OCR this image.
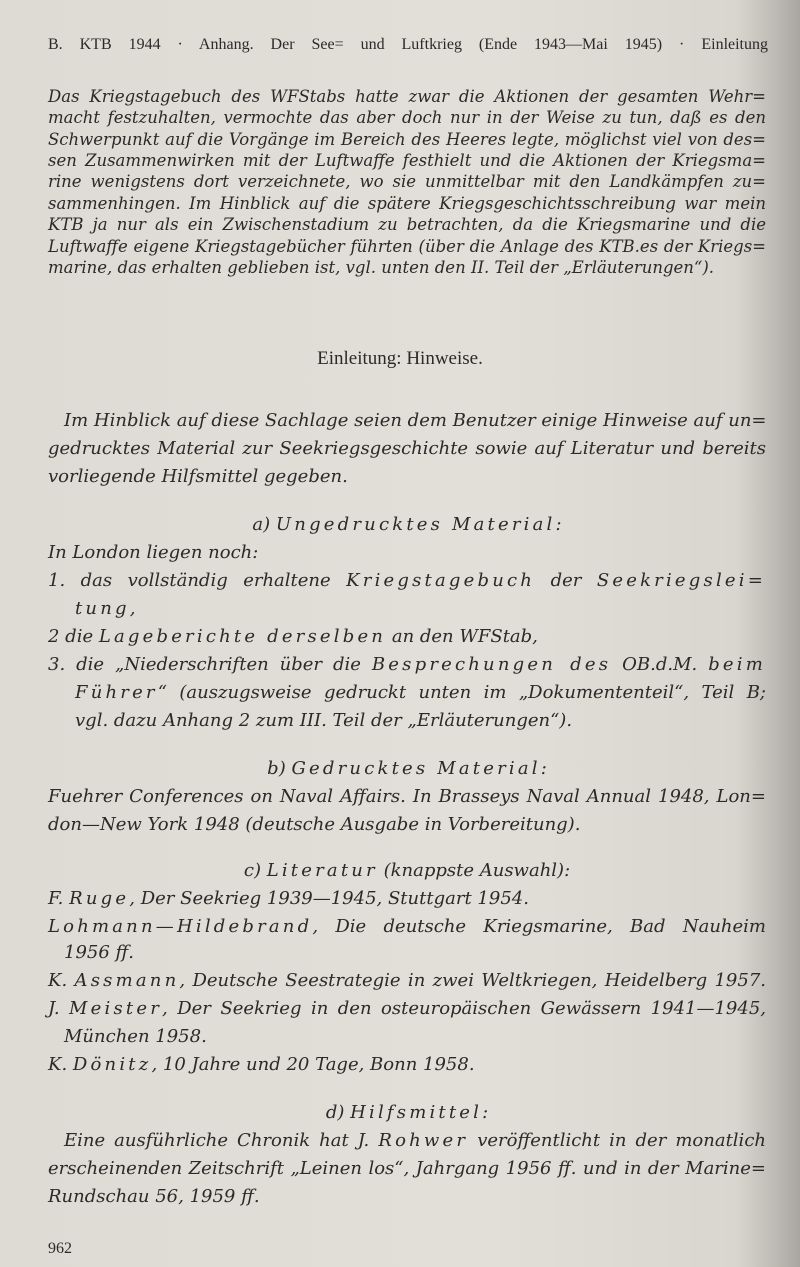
B. KTB 1944 · Anhang. Der See= und Luftkrieg (Ende 1943—Mai 1945) · Einleitung
Einleitung: Hinweise.
Das Kriegstagebuch des WFStabs hatte zwar die Aktionen der gesamten Wehr=
macht festzuhalten, vermochte das aber doch nur in der Weise zu tun, daß es den
Schwerpunkt auf die Vorgänge im Bereich des Heeres legte, möglichst viel von des=
sen Zusammenwirken mit der Luftwaffe festhielt und die Aktionen der Kriegsma=
rine wenigstens dort verzeichnete, wo sie unmittelbar mit den Landkämpfen zu=
sammenhingen. Im Hinblick auf die spätere Kriegsgeschichtsschreibung war mein
KTB ja nur als ein Zwischenstadium zu betrachten, da die Kriegsmarine und die
Luftwaffe eigene Kriegstagebücher führten (über die Anlage des KTB.es der Kriegs=
marine, das erhalten geblieben ist, vgl. unten den II. Teil der „Erläuterungen“).
Im Hinblick auf diese Sachlage seien dem Benutzer einige Hinweise auf un=
gedrucktes Material zur Seekriegsgeschichte sowie auf Literatur und bereits
vorliegende Hilfsmittel gegeben.
a) Ungedrucktes Material:
In London liegen noch:
1. das vollständig erhaltene Kriegstagebuch der Seekriegslei=
tung,
2 die Lageberichte derselben an den WFStab,
3. die „Niederschriften über die Besprechungen des OB.d.M. beim
Führer“ (auszugsweise gedruckt unten im „Dokumententeil“, Teil B;
vgl. dazu Anhang 2 zum III. Teil der „Erläuterungen“).
b) Gedrucktes Material:
Fuehrer Conferences on Naval Affairs. In Brasseys Naval Annual 1948, Lon=
don—New York 1948 (deutsche Ausgabe in Vorbereitung).
c) Literatur (knappste Auswahl):
F. Ruge, Der Seekrieg 1939—1945, Stuttgart 1954.
Lohmann—Hildebrand, Die deutsche Kriegsmarine, Bad Nauheim
1956 ff.
K. Assmann, Deutsche Seestrategie in zwei Weltkriegen, Heidelberg 1957.
J. Meister, Der Seekrieg in den osteuropäischen Gewässern 1941—1945,
München 1958.
K. Dönitz, 10 Jahre und 20 Tage, Bonn 1958.
d) Hilfsmittel:
Eine ausführliche Chronik hat J. Rohwer veröffentlicht in der monatlich
erscheinenden Zeitschrift „Leinen los“, Jahrgang 1956 ff. und in der Marine=
Rundschau 56, 1959 ff.
962
